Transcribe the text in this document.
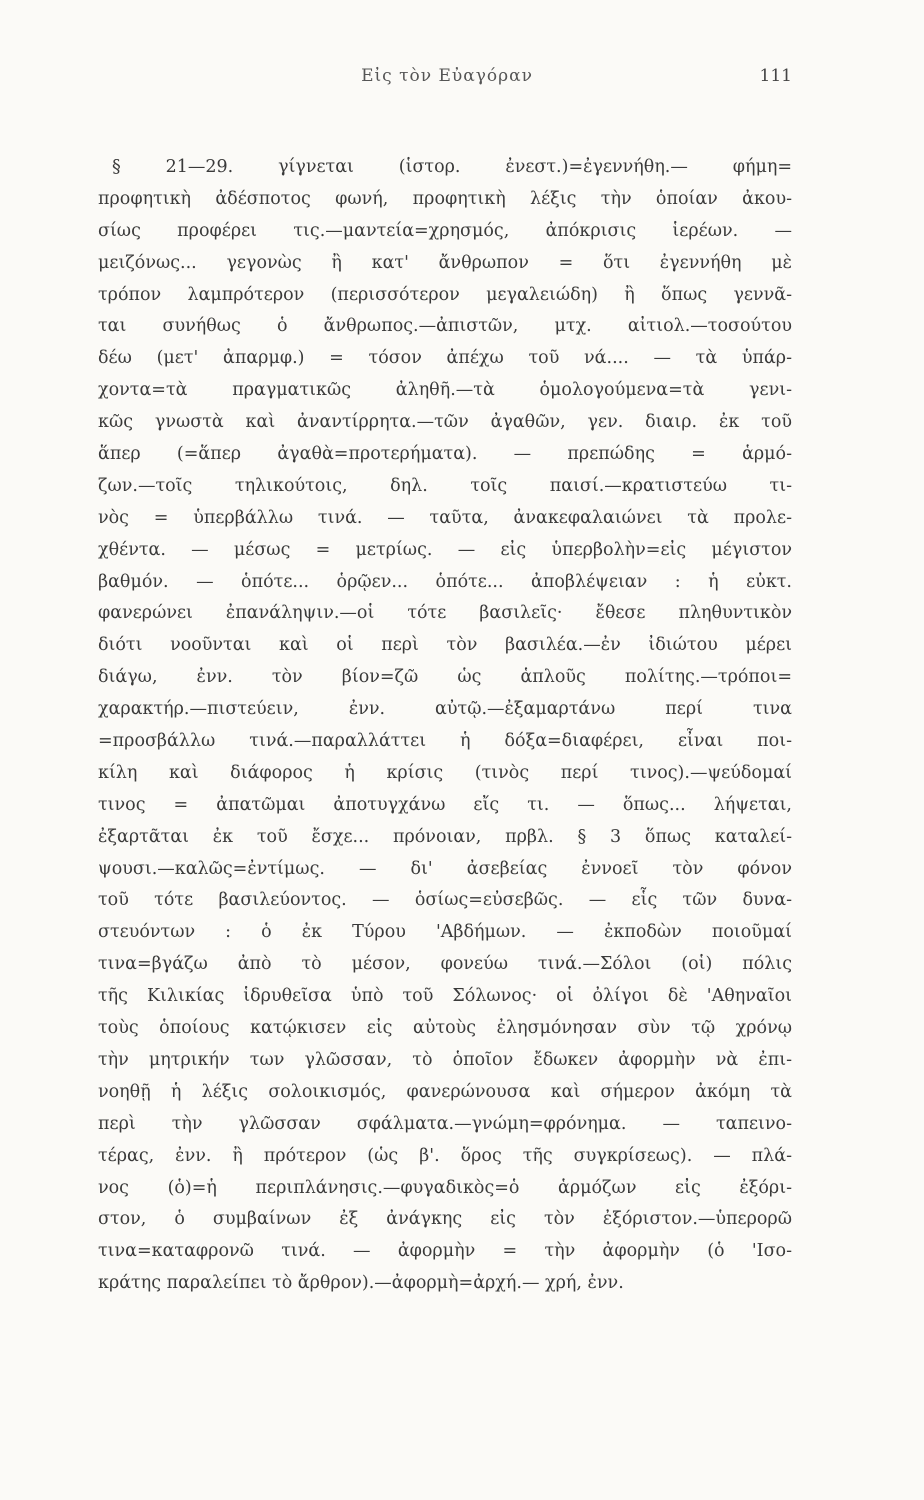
Εἰς τὸν Εὐαγόραν	111
§ 21—29. γίγνεται (ἱστορ. ἐνεστ.)=ἐγεννήθη.— φήμη=
προφητικὴ ἀδέσποτος φωνή, προφητικὴ λέξις τὴν ὁποίαν ἀκου-
σίως προφέρει τις.—μαντεία=χρησμός, ἀπόκρισις ἱερέων. —
μειζόνως... γεγονὼς ἢ κατ' ἄνθρωπον = ὅτι ἐγεννήθη μὲ
τρόπον λαμπρότερον (περισσότερον μεγαλειώδη) ἢ ὅπως γεννᾶ-
ται συνήθως ὁ ἄνθρωπος.—ἀπιστῶν, μτχ. αἰτιολ.—τοσούτου
δέω (μετ' ἀπαρμφ.) = τόσον ἀπέχω τοῦ νά.... — τὰ ὑπάρ-
χοντα=τὰ πραγματικῶς ἀληθῆ.—τὰ ὁμολογούμενα=τὰ γενι-
κῶς γνωστὰ καὶ ἀναντίρρητα.—τῶν ἀγαθῶν, γεν. διαιρ. ἐκ τοῦ
ἅπερ (=ἅπερ ἀγαθὰ=προτερήματα). — πρεπώδης = ἁρμό-
ζων.—τοῖς τηλικούτοις, δηλ. τοῖς παισί.—κρατιστεύω τι-
νὸς = ὑπερβάλλω τινά. — ταῦτα, ἀνακεφαλαιώνει τὰ προλε-
χθέντα. — μέσως = μετρίως. — εἰς ὑπερβολὴν=εἰς μέγιστον
βαθμόν. — ὁπότε... ὁρῷεν... ὁπότε... ἀποβλέψειαν : ἡ εὐκτ.
φανερώνει ἐπανάληψιν.—οἱ τότε βασιλεῖς· ἔθεσε πληθυντικὸν
διότι νοοῦνται καὶ οἱ περὶ τὸν βασιλέα.—ἐν ἰδιώτου μέρει
διάγω, ἐνν. τὸν βίον=ζῶ ὡς ἁπλοῦς πολίτης.—τρόποι=
χαρακτήρ.—πιστεύειν, ἐνν. αὐτῷ.—ἐξαμαρτάνω περί τινα
=προσβάλλω τινά.—παραλλάττει ἡ δόξα=διαφέρει, εἶναι ποι-
κίλη καὶ διάφορος ἡ κρίσις (τινὸς περί τινος).—ψεύδομαί
τινος = ἀπατῶμαι ἀποτυγχάνω εἴς τι. — ὅπως... λήψεται,
ἐξαρτᾶται ἐκ τοῦ ἔσχε... πρόνοιαν, πρβλ. § 3 ὅπως καταλεί-
ψουσι.—καλῶς=ἐντίμως. — δι' ἀσεβείας ἐννοεῖ τὸν φόνον
τοῦ τότε βασιλεύοντος. — ὁσίως=εὐσεβῶς. — εἷς τῶν δυνα-
στευόντων : ὁ ἐκ Τύρου 'Αβδήμων. — ἐκποδὼν ποιοῦμαί
τινα=βγάζω ἀπὸ τὸ μέσον, φονεύω τινά.—Σόλοι (οἱ) πόλις
τῆς Κιλικίας ἱδρυθεῖσα ὑπὸ τοῦ Σόλωνος· οἱ ὀλίγοι δὲ 'Αθηναῖοι
τοὺς ὁποίους κατῴκισεν εἰς αὐτοὺς ἐλησμόνησαν σὺν τῷ χρόνῳ
τὴν μητρικήν των γλῶσσαν, τὸ ὁποῖον ἔδωκεν ἀφορμὴν νὰ ἐπι-
νοηθῇ ἡ λέξις σολοικισμός, φανερώνουσα καὶ σήμερον ἀκόμη τὰ
περὶ τὴν γλῶσσαν σφάλματα.—γνώμη=φρόνημα. — ταπεινο-
τέρας, ἐνν. ἢ πρότερον (ὡς β'. ὅρος τῆς συγκρίσεως). — πλά-
νος (ὁ)=ἡ περιπλάνησις.—φυγαδικὸς=ὁ ἁρμόζων εἰς ἐξόρι-
στον, ὁ συμβαίνων ἐξ ἀνάγκης εἰς τὸν ἐξόριστον.—ὑπερορῶ
τινα=καταφρονῶ τινά. — ἀφορμὴν = τὴν ἀφορμὴν (ὁ 'Ισο-
κράτης παραλείπει τὸ ἄρθρον).—ἀφορμὴ=ἀρχή.— χρή, ἐνν.
